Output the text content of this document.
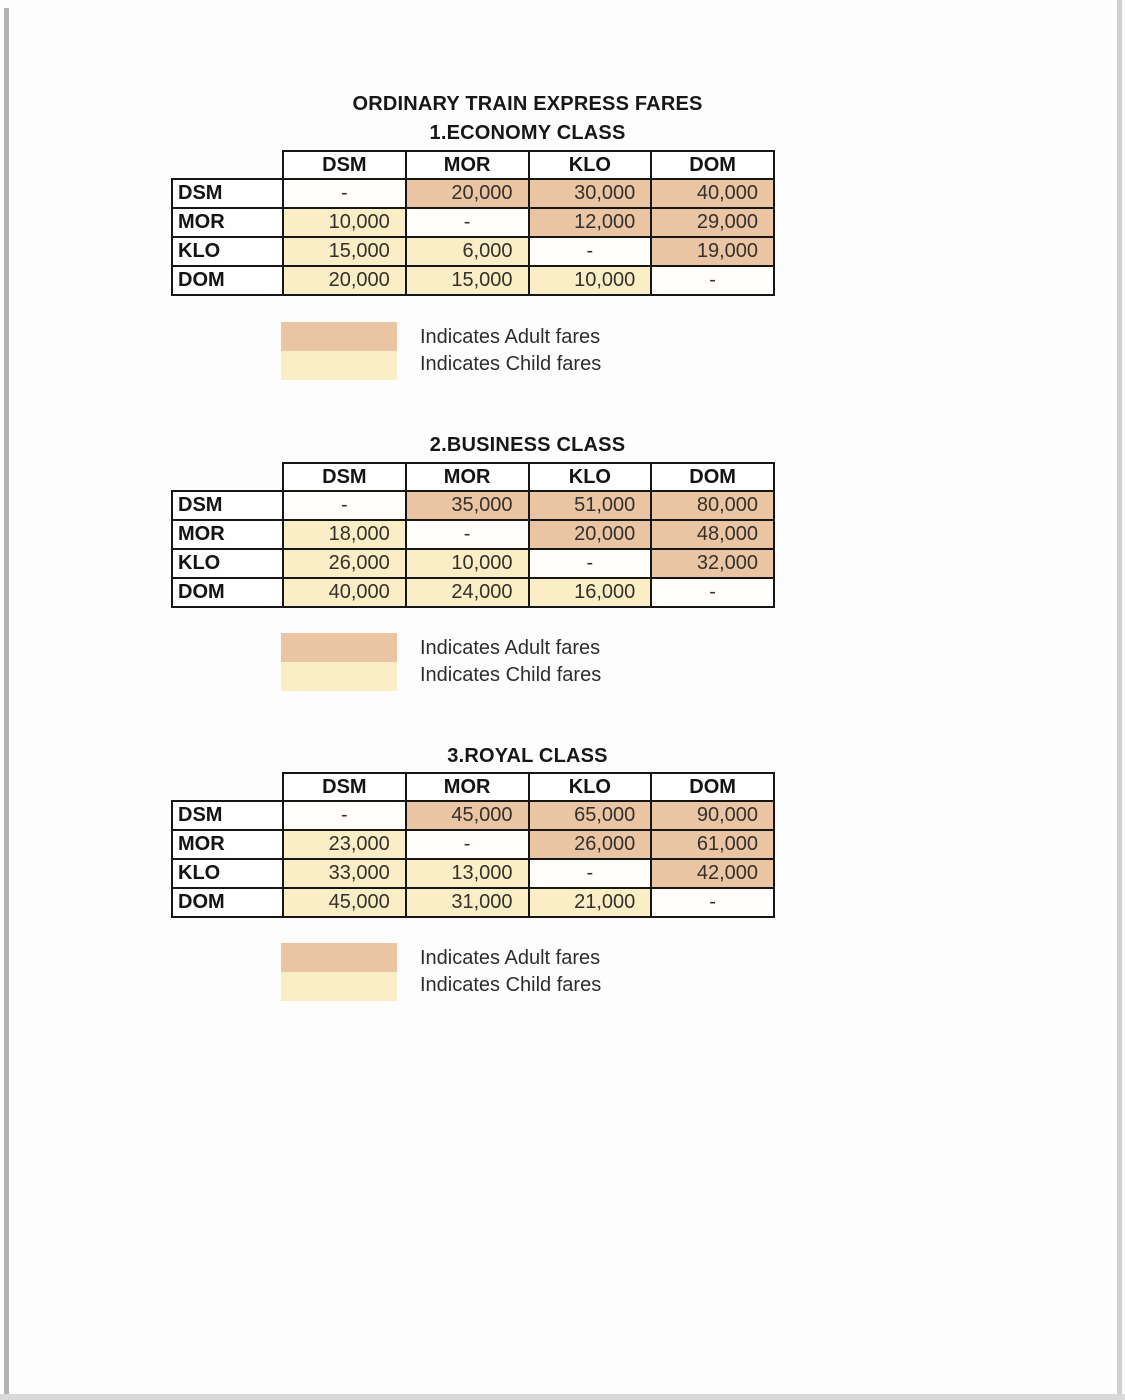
ORDINARY TRAIN EXPRESS FARES
1.ECONOMY CLASS
	DSM	MOR	KLO	DOM
DSM	-	20,000	30,000	40,000
MOR	10,000	-	12,000	29,000
KLO	15,000	6,000	-	19,000
DOM	20,000	15,000	10,000	-
Indicates Adult fares
Indicates Child fares
2.BUSINESS CLASS
	DSM	MOR	KLO	DOM
DSM	-	35,000	51,000	80,000
MOR	18,000	-	20,000	48,000
KLO	26,000	10,000	-	32,000
DOM	40,000	24,000	16,000	-
Indicates Adult fares
Indicates Child fares
3.ROYAL CLASS
	DSM	MOR	KLO	DOM
DSM	-	45,000	65,000	90,000
MOR	23,000	-	26,000	61,000
KLO	33,000	13,000	-	42,000
DOM	45,000	31,000	21,000	-
Indicates Adult fares
Indicates Child fares
